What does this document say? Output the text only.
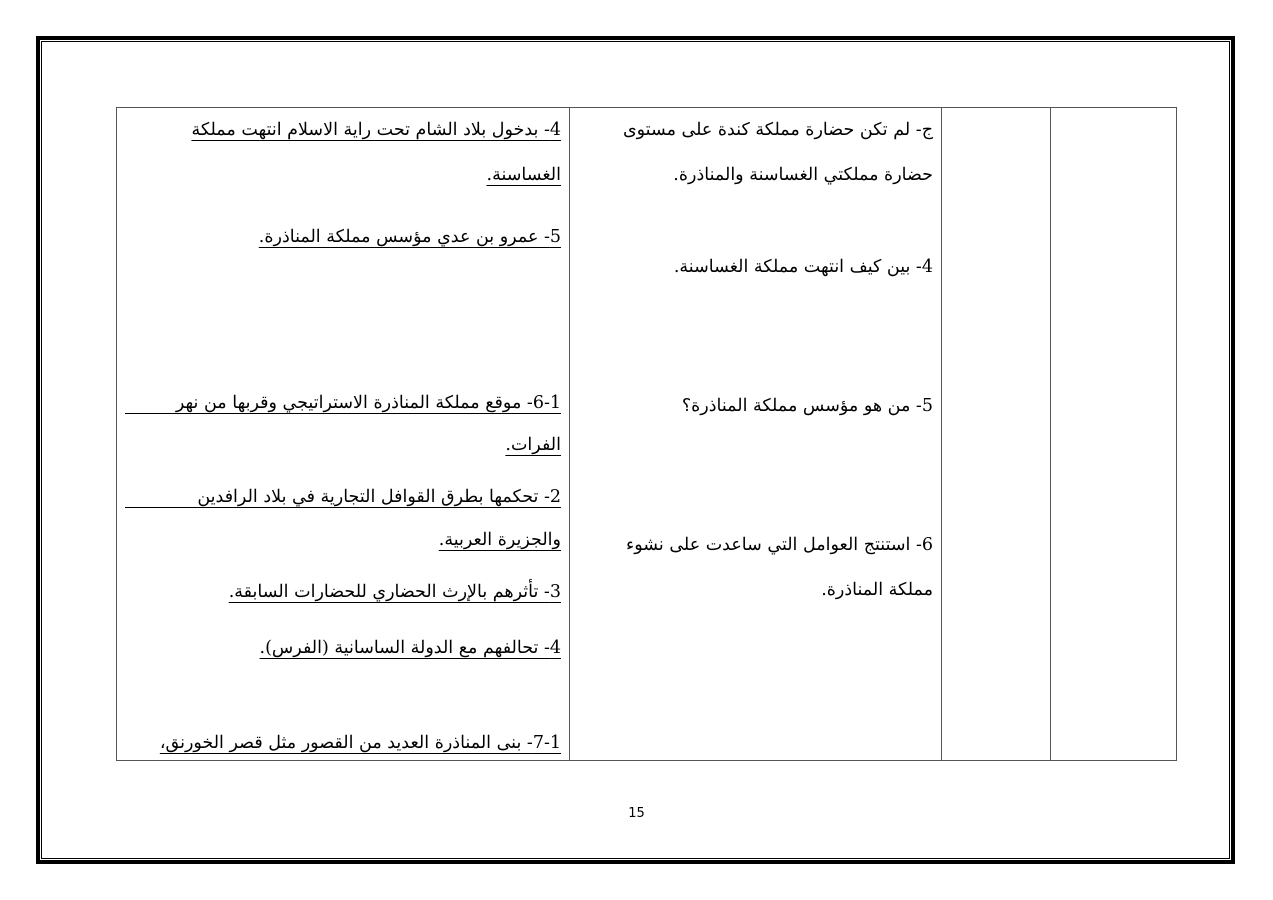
4- بدخول بلاد الشام تحت راية الاسلام انتهت مملكة
الغساسنة.
5- عمرو بن عدي مؤسس مملكة المناذرة.
6-1- موقع مملكة المناذرة الاستراتيجي وقربها من نهر
الفرات.
2- تحكمها بطرق القوافل التجارية في بلاد الرافدين
والجزيرة العربية.
3- تأثرهم بالإرث الحضاري للحضارات السابقة.
4- تحالفهم مع الدولة الساسانية (الفرس).
7-1- بنى المناذرة العديد من القصور مثل قصر الخورنق،

ج- لم تكن حضارة مملكة كندة على مستوى
حضارة مملكتي الغساسنة والمناذرة.
4- بين كيف انتهت مملكة الغساسنة.
5- من هو مؤسس مملكة المناذرة؟
6- استنتج العوامل التي ساعدت على نشوء
مملكة المناذرة.

15
